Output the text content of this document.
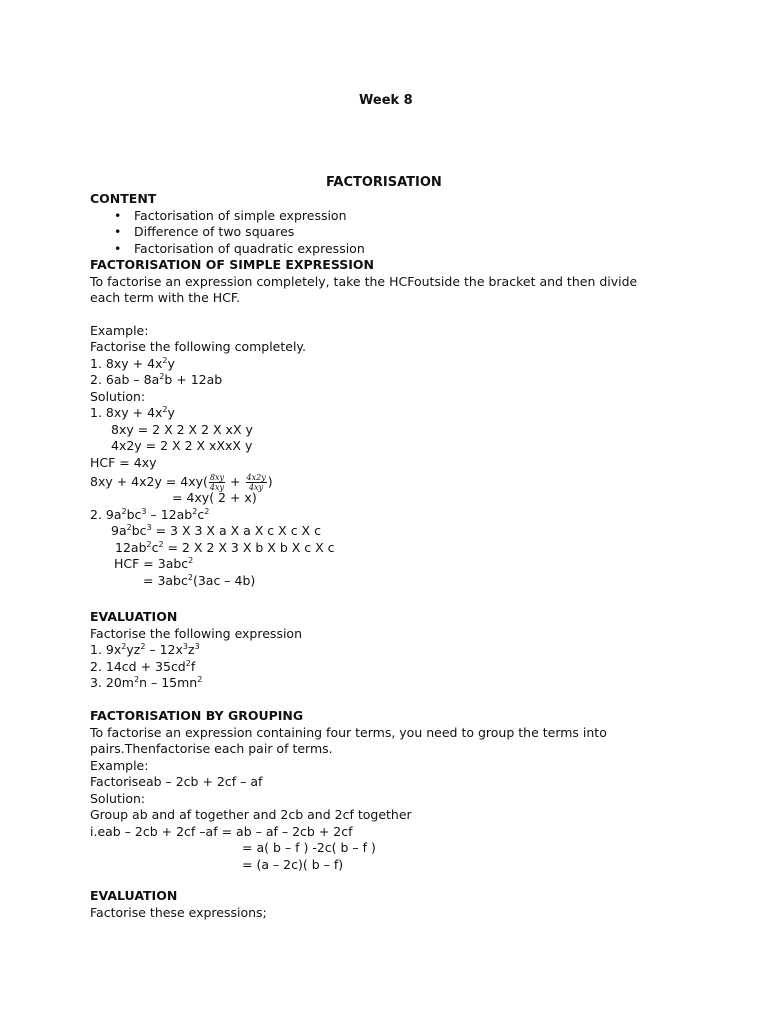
Week 8
FACTORISATION
CONTENT
• Factorisation of simple expression
• Difference of two squares
• Factorisation of quadratic expression
FACTORISATION OF SIMPLE EXPRESSION
To factorise an expression completely, take the HCFoutside the bracket and then divide each term with the HCF.
Example:
Factorise the following completely.
1. $8xy + 4x^2y$
2. $6ab - 8a^2b + 12ab$
Solution:
1. $8xy + 4x^2y$
8xy = 2 X 2 X 2 X xX y
4x2y = 2 X 2 X xXxX y
HCF = 4xy
$8xy + 4x2y = 4xy( \frac{8xy}{4xy} + \frac{4x2y}{4xy}$ )
= 4xy( 2 + x)
2. $9a^2bc^3 - 12ab^2c^2$
$9a^2bc^3 = 3$ X 3 X a X a X c X c X c
$12ab^2c^2 = 2$ X 2 X 3 X b X b X c X c
HCF = 3abc$^2$
= 3abc$^2$(3ac – 4b)
EVALUATION
Factorise the following expression
1. $9x^2yz^2 - 12x^3z^3$
2. $14cd + 35cd^2f$
3. $20m^2n - 15mn^2$
FACTORISATION BY GROUPING
To factorise an expression containing four terms, you need to group the terms into
pairs.Thenfactorise each pair of terms.
Example:
Factoriseab – 2cb + 2cf – af
Solution:
Group ab and af together and 2cb and 2cf together
i.eab – 2cb + 2cf –af = ab – af – 2cb + 2cf
= a( b – f ) -2c( b – f )
= (a – 2c)( b – f)
EVALUATION
Factorise these expressions;
